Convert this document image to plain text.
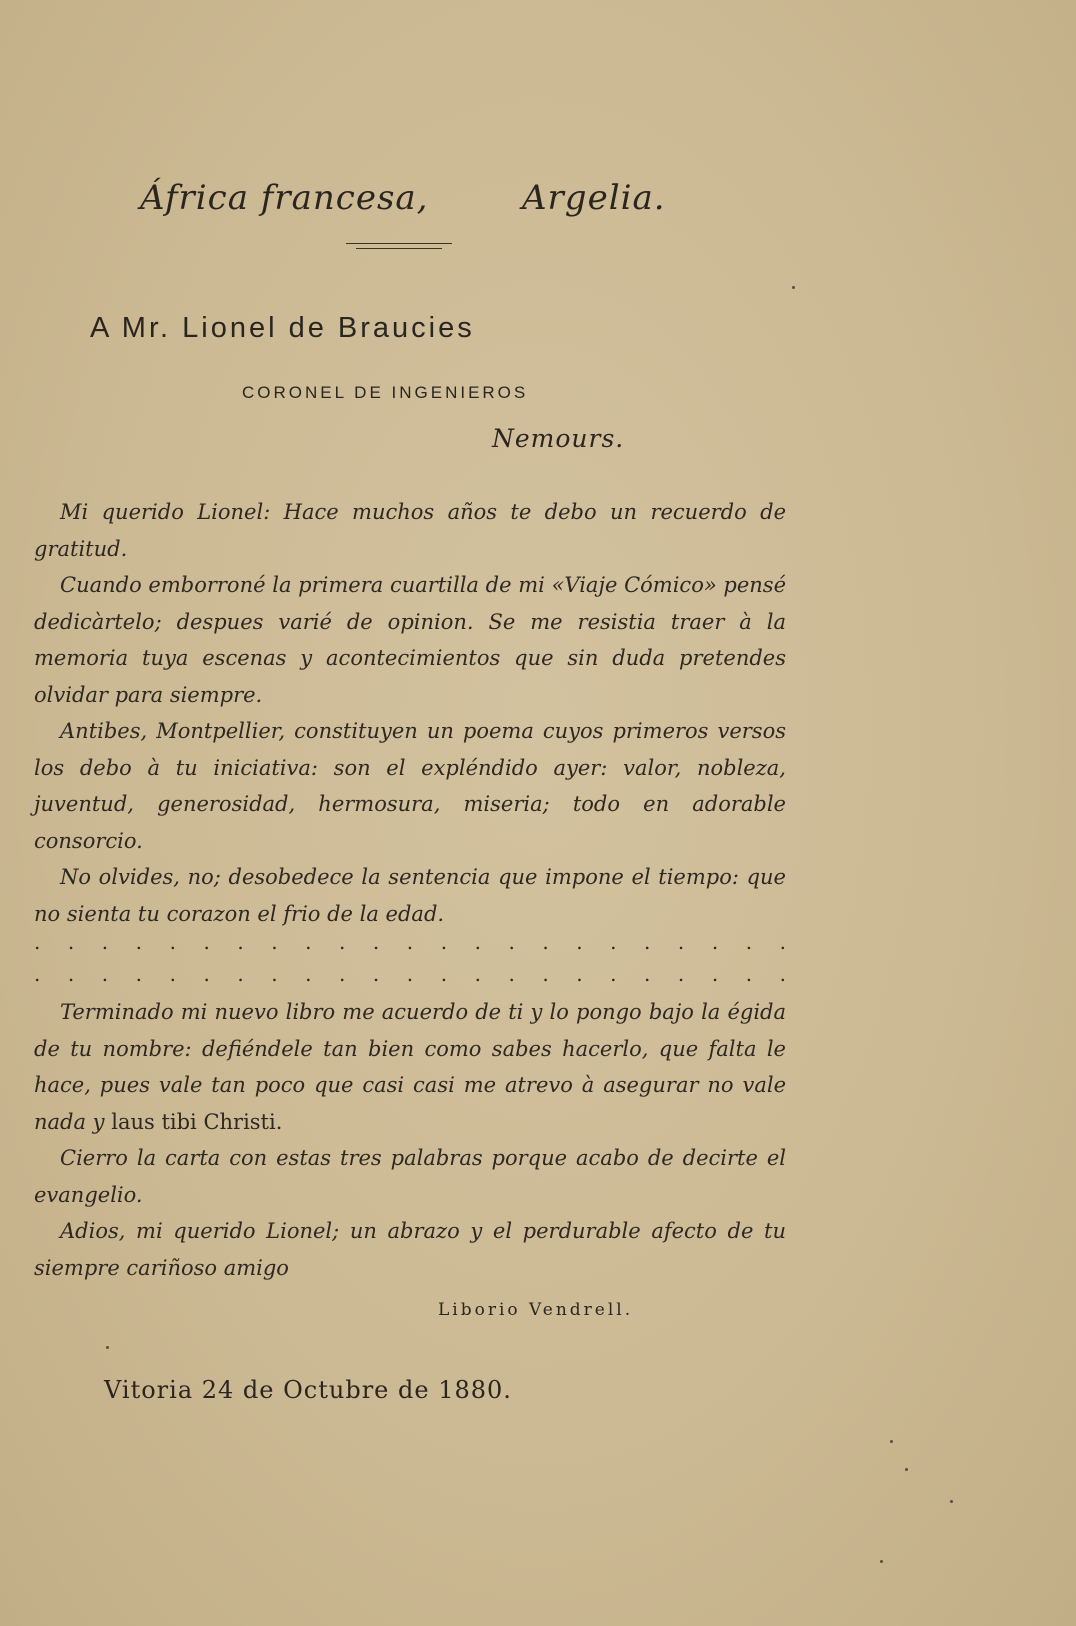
África francesa,	Argelia.
A Mr. Lionel de Braucies
CORONEL DE INGENIEROS
Nemours.

Mi querido Lionel: Hace muchos años te debo un recuerdo de gratitud.

Cuando emborroné la primera cuartilla de mi «Viaje Cómico» pensé dedicàrtelo; despues varié de opinion. Se me resistia traer à la memoria tuya escenas y acontecimientos que sin duda pretendes olvidar para siempre.

Antibes, Montpellier, constituyen un poema cuyos primeros versos los debo à tu iniciativa: son el expléndido ayer: valor, nobleza, juventud, generosidad, hermosura, miseria; todo en adorable consorcio.

No olvides, no; desobedece la sentencia que impone el tiempo: que no sienta tu corazon el frio de la edad.

. . . . . . . . . . . . . . . . . . . . . . .
. . . . . . . . . . . . . . . . . . . . . . .

Terminado mi nuevo libro me acuerdo de ti y lo pongo bajo la égida de tu nombre: defiéndele tan bien como sabes hacerlo, que falta le hace, pues vale tan poco que casi casi me atrevo à asegurar no vale nada y laus tibi Christi.

Cierro la carta con estas tres palabras porque acabo de decirte el evangelio.

Adios, mi querido Lionel; un abrazo y el perdurable afecto de tu siempre cariñoso amigo

Liborio Vendrell.
Vitoria 24 de Octubre de 1880.
